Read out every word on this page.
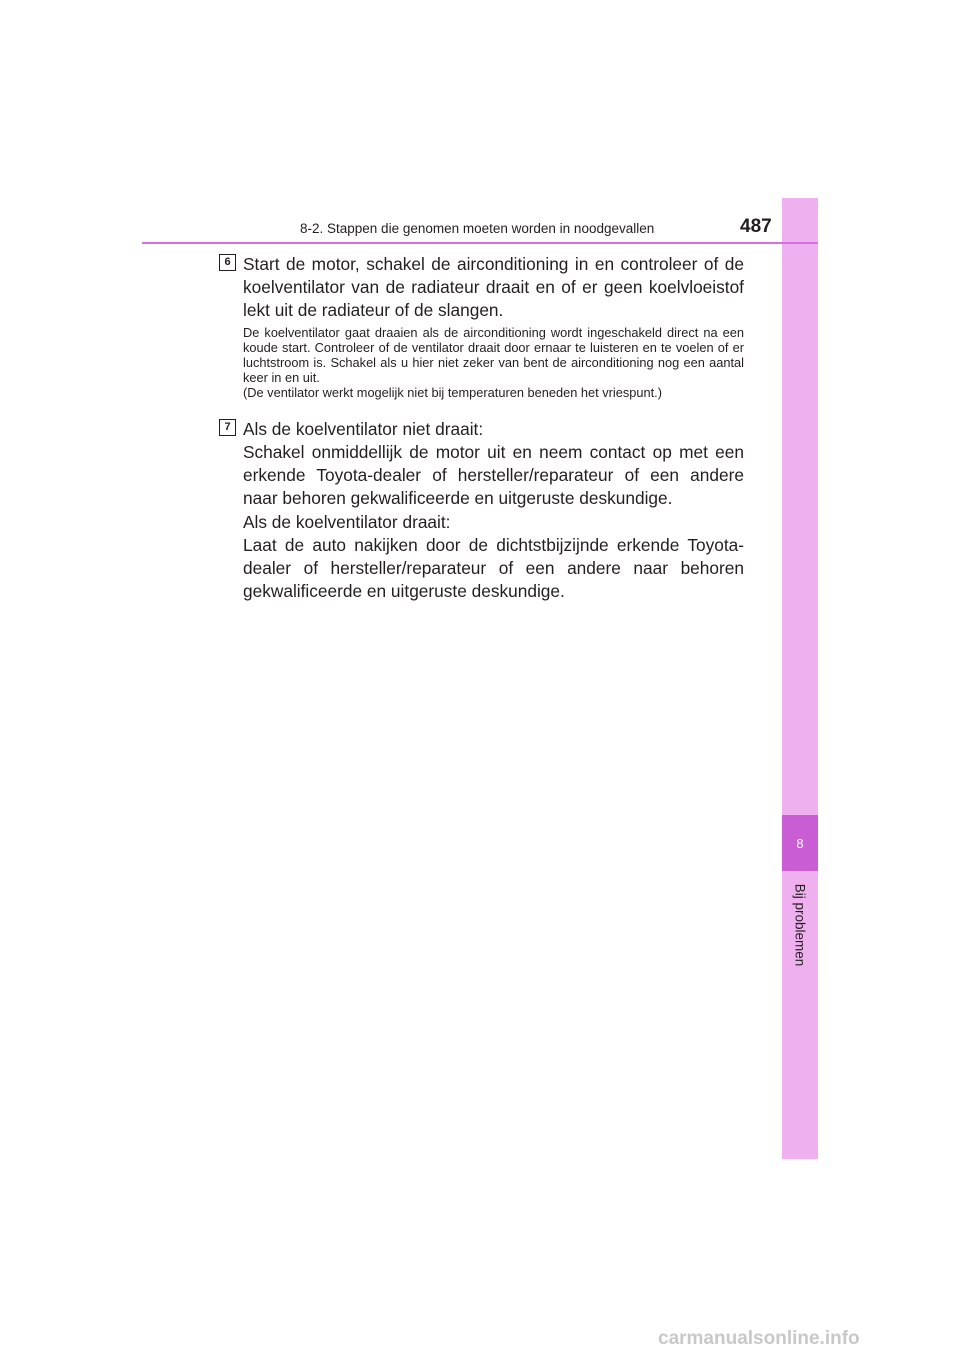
8
Bij problemen
8-2. Stappen die genomen moeten worden in noodgevallen	487
6 Start de motor, schakel de airconditioning in en controleer of de koelventilator van de radiateur draait en of er geen koelvloeistof lekt uit de radiateur of de slangen.

De koelventilator gaat draaien als de airconditioning wordt ingeschakeld direct na een koude start. Controleer of de ventilator draait door ernaar te luisteren en te voelen of er luchtstroom is. Schakel als u hier niet zeker van bent de airconditioning nog een aantal keer in en uit.
(De ventilator werkt mogelijk niet bij temperaturen beneden het vriespunt.)

7 Als de koelventilator niet draait:
Schakel onmiddellijk de motor uit en neem contact op met een erkende Toyota-dealer of hersteller/reparateur of een andere naar behoren gekwalificeerde en uitgeruste deskundige.

Als de koelventilator draait:
Laat de auto nakijken door de dichtstbijzijnde erkende Toyota-dealer of hersteller/reparateur of een andere naar behoren gekwalificeerde en uitgeruste deskundige.

carmanualsonline.info
